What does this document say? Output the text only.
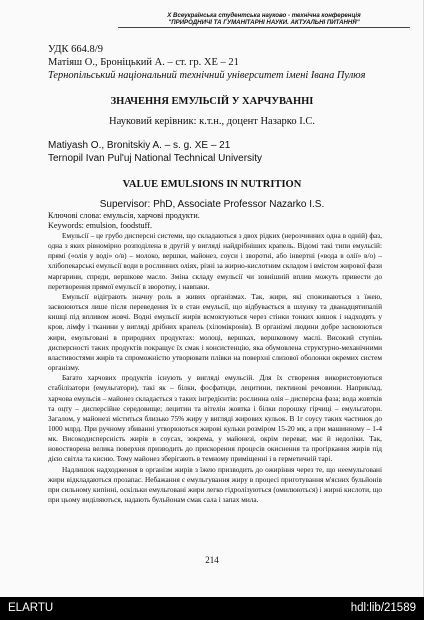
X Всеукраїнська студентська науково - технічна конференція
"ПРИРОДНИЧІ ТА ГУМАНІТАРНІ НАУКИ. АКТУАЛЬНІ ПИТАННЯ"
УДК 664.8/9
Матіяш О., Броніцький А. – ст. гр. ХЕ – 21
Тернопільський національний технічний університет імені Івана Пулюя
ЗНАЧЕННЯ ЕМУЛЬСІЙ У ХАРЧУВАННІ
Науковий керівник: к.т.н., доцент Назарко І.С.
Matiyash O., Bronitskiy A. – s. g. ХЕ – 21
Ternopil Ivan Pul'uj National Technical University
VALUE EMULSIONS IN NUTRITION
Supervisor: PhD, Associate Professor Nazarko I.S.
Ключові слова: емульсія, харчові продукти.
Keywords: emulsion, foodstuff.

Емульсії – це грубо дисперсні системи, що складаються з двох рідких (нерозчинних одна в одній) фаз, одна з яких рівномірно розподілена в другій у вигляді найдрібніших крапель. Відомі такі типи емульсій: прямі («олія у воді» о/в) – молоко, вершки, майонез, соуси і зворотні, або інвертні («вода в олії» в/о) – хлібопекарські емульсії води в рослинних оліях, різні за жирно-кислотним складом і вмістом жирової фази маргарини, спреди, вершкове масло. Зміна складу емульсії чи зовнішній вплив можуть привести до перетворення прямої емульсії в зворотну, і навпаки.

Емульсії відіграють значну роль в живих організмах. Так, жири, які споживаються з їжею, засвоюються лише після переведення їх в стан емульсії, що відбувається в шлунку та дванадцятипалій кишці під впливом жовчі. Водні емульсії жирів всмоктуються через стінки тонких кишок і надходять у кров, лімфу і тканини у вигляді дрібних крапель (хіломікронів). В організмі людини добре засвоюються жири, емульговані в природних продуктах: молоці, вершках, вершковому маслі. Високий ступінь дисперсності таких продуктів покращує їх смак і консистенцію, яка обумовлена структурно-механічними властивостями жирів та спроможністю утворювати плівки на поверхні слизової оболонки окремих систем організму.

Багато харчових продуктів існують у вигляді емульсій. Для їх створення використовуються стабілізатори (емульгатори), такі як – білки, фосфатиди, лецитини, пектинові речовини. Наприклад, харчова емульсія – майонез складається з таких інгредієнтів: рослинна олія – дисперсна фаза; вода жовтків та оцту – дисперсійне середовище; лецитин та вітелін жовтка і білки порошку гірчиці – емульгатори. Загалом, у майонезі міститься близько 75% жиру у вигляді жирових кульок. В 1г соусу таких частинок до 1000 млрд. При ручному збиванні утворюються жирові кульки розміром 15-20 мк, а при машинному – 1-4 мк. Високодисперсність жирів в соусах, зокрема, у майонезі, окрім переваг, має й недоліки. Так, новостворена велика поверхня призводить до прискорення процесів окиснення та прогіркання жирів під дією світла та кисню. Тому майонез зберігають в темному приміщенні і в герметичній тарі.

Надлишок надходження в організм жирів з їжею призводить до ожиріння через те, що неемульговані жири відкладаються прозапас. Небажання є емульгування жиру в процесі приготування м'ясних бульйонів при сильному кипінні, оскільки емульговані жири легко гідролізуються (омилюються) і жирні кислоти, що при цьому виділяються, надають бульйонам смак сала і запах мила.

214
ELARTU	hdl:lib/21589
